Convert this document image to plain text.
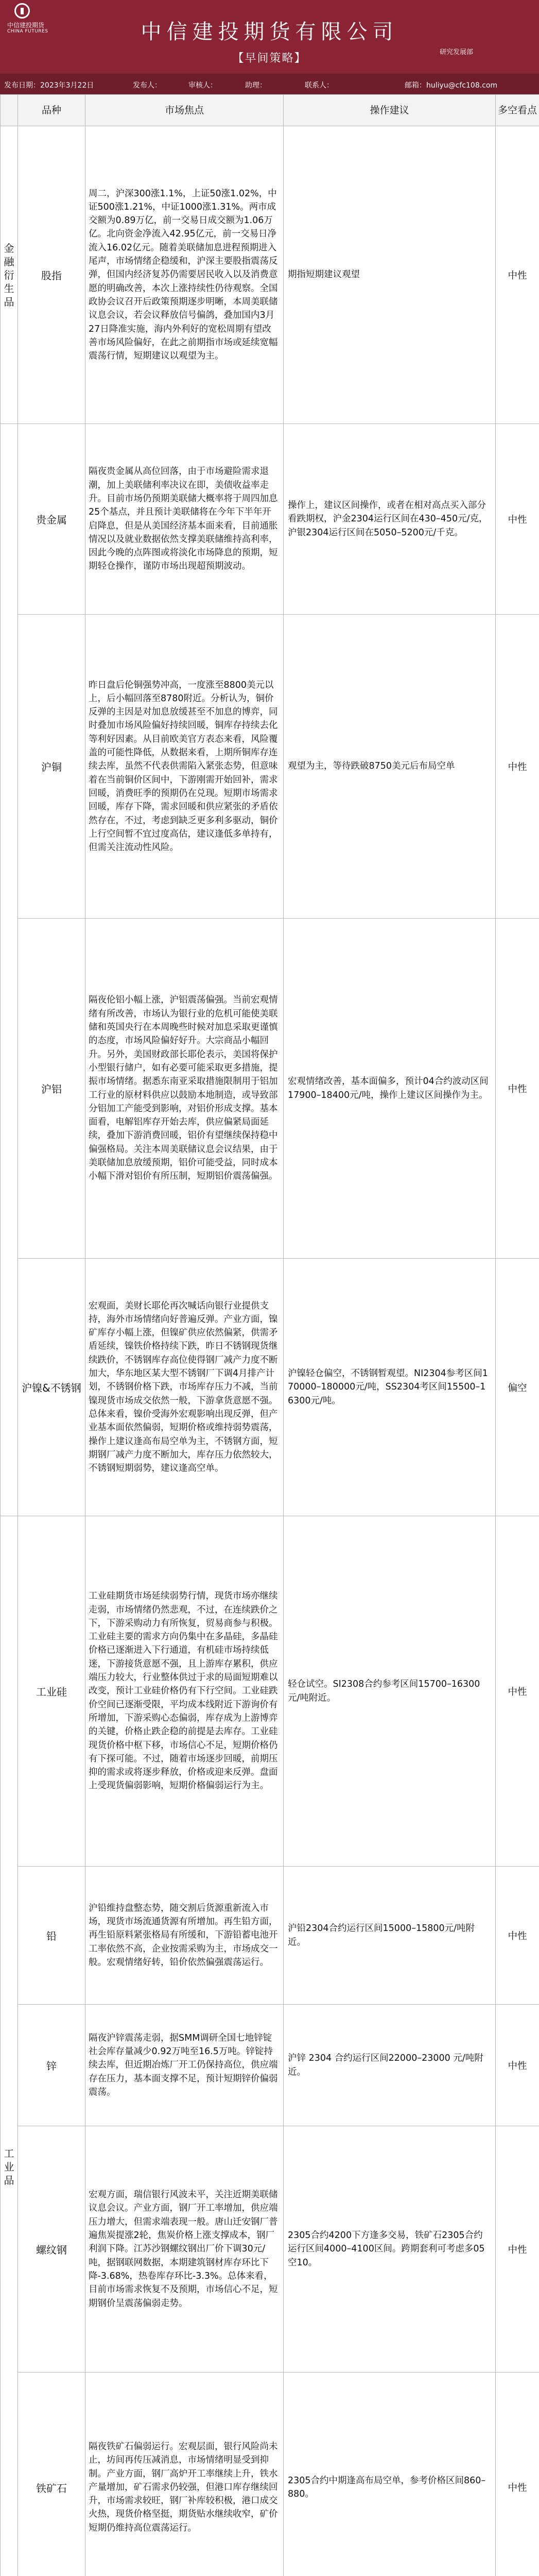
中信建投期货
CHINA FUTURES	中信建投期货有限公司
【早间策略】	研究发展部
发布日期：2023年3月22日	发布人：	审核人：	助理：	联系人：	邮箱：huliyu@cfc108.com
	品种	市场焦点	操作建议	多空看点

金融衍生品	股指	周二，沪深300涨1.1%，上证50涨1.02%，中证500涨1.21%，中证1000涨1.31%。两市成交额为0.89万亿，前一交易日成交额为1.06万亿。北向资金净流入42.95亿元，前一交易日净流入16.02亿元。随着美联储加息进程预期进入尾声，市场情绪企稳缓和，沪深主要股指震荡反弹，但国内经济复苏仍需要居民收入以及消费意愿的明确改善，本次上涨持续性仍待观察。全国政协会议召开后政策预期逐步明晰，本周美联储议息会议，若会议释放信号偏鸽，叠加国内3月27日降准实施，海内外利好的宽松周期有望改善市场风险偏好，在此之前期指市场或延续宽幅震荡行情，短期建议以观望为主。	期指短期建议观望	中性

	贵金属	隔夜贵金属从高位回落，由于市场避险需求退潮，加上美联储利率决议在即，美债收益率走升。目前市场仍预期美联储大概率将于周四加息25个基点，并且预计美联储将在今年下半年开启降息，但是从美国经济基本面来看，目前通胀情况以及就业数据依然支撑美联储维持高利率，因此今晚的点阵图或将淡化市场降息的预期，短期轻仓操作，谨防市场出现超预期波动。	操作上，建议区间操作，或者在相对高点买入部分看跌期权，沪金2304运行区间在430–450元/克，沪银2304运行区间在5050–5200元/千克。	中性
	沪铜	昨日盘后伦铜强势冲高，一度涨至8800美元以上，后小幅回落至8780附近。分析认为，铜价反弹的主因是对加息放缓甚至不加息的博弈，同时叠加市场风险偏好持续回暖，铜库存持续去化等利好因素。从目前欧美官方表态来看，风险覆盖的可能性降低，从数据来看，上期所铜库存连续去库，虽然不代表供需陷入紧张态势，但意味着在当前铜价区间中，下游刚需开始回补，需求回暖，消费旺季的预期仍在兑现。短期市场需求回暖，库存下降，需求回暖和供应紧张的矛盾依然存在，不过，考虑到缺乏更多利多驱动，铜价上行空间暂不宜过度高估，建议逢低多单持有，但需关注流动性风险。	观望为主，等待跌破8750美元后布局空单	中性
	沪铝	隔夜伦铝小幅上涨，沪铝震荡偏强。当前宏观情绪有所改善，市场认为银行业的危机可能使美联储和英国央行在本周晚些时候对加息采取更谨慎的态度，市场风险偏好好升。大宗商品小幅回升。另外，美国财政部长耶伦表示，美国将保护小型银行储户，如有必要可能采取更多措施，提振市场情绪。据悉东南亚采取措施限制用于铝加工行业的原材料供应以鼓励本地制造，或导致部分铝加工产能受到影响，对铝价形成支撑。基本面看，电解铝库存开始去库，供应偏紧局面延续，叠加下游消费回暖，铝价有望继续保持稳中偏强格局。关注本周美联储议息会议结果，由于美联储加息放缓预期，铝价可能受益，同时成本小幅下滑对铝价有所压制，短期铝价震荡偏强。	宏观情绪改善，基本面偏多，预计04合约波动区间17900–18400元/吨，操作上建议区间操作为主。	中性
	沪镍&不锈钢	宏观面，美财长耶伦再次喊话向银行业提供支持，海外市场情绪向好普遍反弹。产业方面，镍矿库存小幅上涨，但镍矿供应依然偏紧，供需矛盾延续，镍铁价格持续下跌，昨日不锈钢现货继续跌价，不锈钢库存高位使得钢厂减产力度不断加大，华东地区某大型不锈钢厂下调4月排产计划，不锈钢价格下跌，市场库存压力不减，当前镍现货市场成交依然一般，下游拿货意愿不强。总体来看，镍价受海外宏观影响出现反弹，但产业基本面依然偏弱，短期价格或维持弱势震荡，操作上建议逢高布局空单为主，不锈钢方面，短期钢厂减产力度不断加大，库存压力依然较大，不锈钢短期弱势，建议逢高空单。	沪镍轻仓偏空，不锈钢暂观望。NI2304参考区间170000–180000元/吨，SS2304考区间15500–16300元/吨。	偏空

工业品	工业硅	工业硅期货市场延续弱势行情，现货市场亦继续走弱，市场情绪仍然悲观，不过，在连续跌价之下，下游采购动力有所恢复，贸易商参与积极。工业硅主要的需求方向仍集中在多晶硅，多晶硅价格已逐渐进入下行通道，有机硅市场持续低迷，下游接货意愿不强，且上游库存累积，供应端压力较大，行业整体供过于求的局面短期难以改变，预计工业硅价格仍有下行空间。工业硅跌价空间已逐渐受限，平均成本线附近下游询价有所增加，下游采购心态偏弱，库存成为上游博弈的关键，价格止跌企稳的前提是去库存。工业硅现货价格中枢下移，市场信心不足，短期价格仍有下探可能。不过，随着市场逐步回暖，前期压抑的需求或将逐步释放，价格或迎来反弹。盘面上受现货偏弱影响，短期价格偏弱运行为主。	轻仓试空。SI2308合约参考区间15700–16300元/吨附近。	中性
	铅	沪铅维持盘整态势，随交割后货源重新流入市场，现货市场流通货源有所增加。再生铅方面，再生铅原料紧张格局有所缓和，下游铅蓄电池开工率依然不高，企业按需采购为主，市场成交一般。宏观情绪好转，铅价依然偏强震荡运行。	沪铅2304合约运行区间15000–15800元/吨附近。	中性
	锌	隔夜沪锌震荡走弱，据SMM调研全国七地锌锭社会库存量减少0.92万吨至16.5万吨。锌锭持续去库，但近期冶炼厂开工仍保持高位，供应端存在压力，基本面支撑不足，预计短期锌价偏弱震荡。	沪锌 2304 合约运行区间22000–23000 元/吨附近。	中性
	螺纹钢	宏观方面，瑞信银行风波未平，关注近期美联储议息会议。产业方面，钢厂开工率增加，供应端压力增大，但需求端表现一般。唐山迁安钢厂普遍焦炭提涨2轮，焦炭价格上涨支撑成本，钢厂利润下降。江苏沙钢螺纹钢出厂价下调30元/吨，据钢联网数据，本期建筑钢材库存环比下降-3.68%，热卷库存环比-3.3%。总体来看，目前市场需求恢复不及预期，市场信心不足，短期钢价呈震荡偏弱走势。	2305合约4200下方逢多交易，铁矿石2305合约运行区间4000–4100区间。跨期套利可考虑多05空10。	中性
	铁矿石	隔夜铁矿石偏弱运行。宏观层面，银行风险尚未止，坊间再传压减消息，市场情绪明显受到抑制。产业方面，钢厂高炉开工率继续上升，铁水产量增加，矿石需求仍较强，但港口库存继续回升，市场需求较旺，钢厂补库较积极，港口成交火热，现货价格坚挺，期货贴水继续收窄，矿价短期仍维持高位震荡运行。	2305合约中期逢高布局空单，参考价格区间860–880。	中性
